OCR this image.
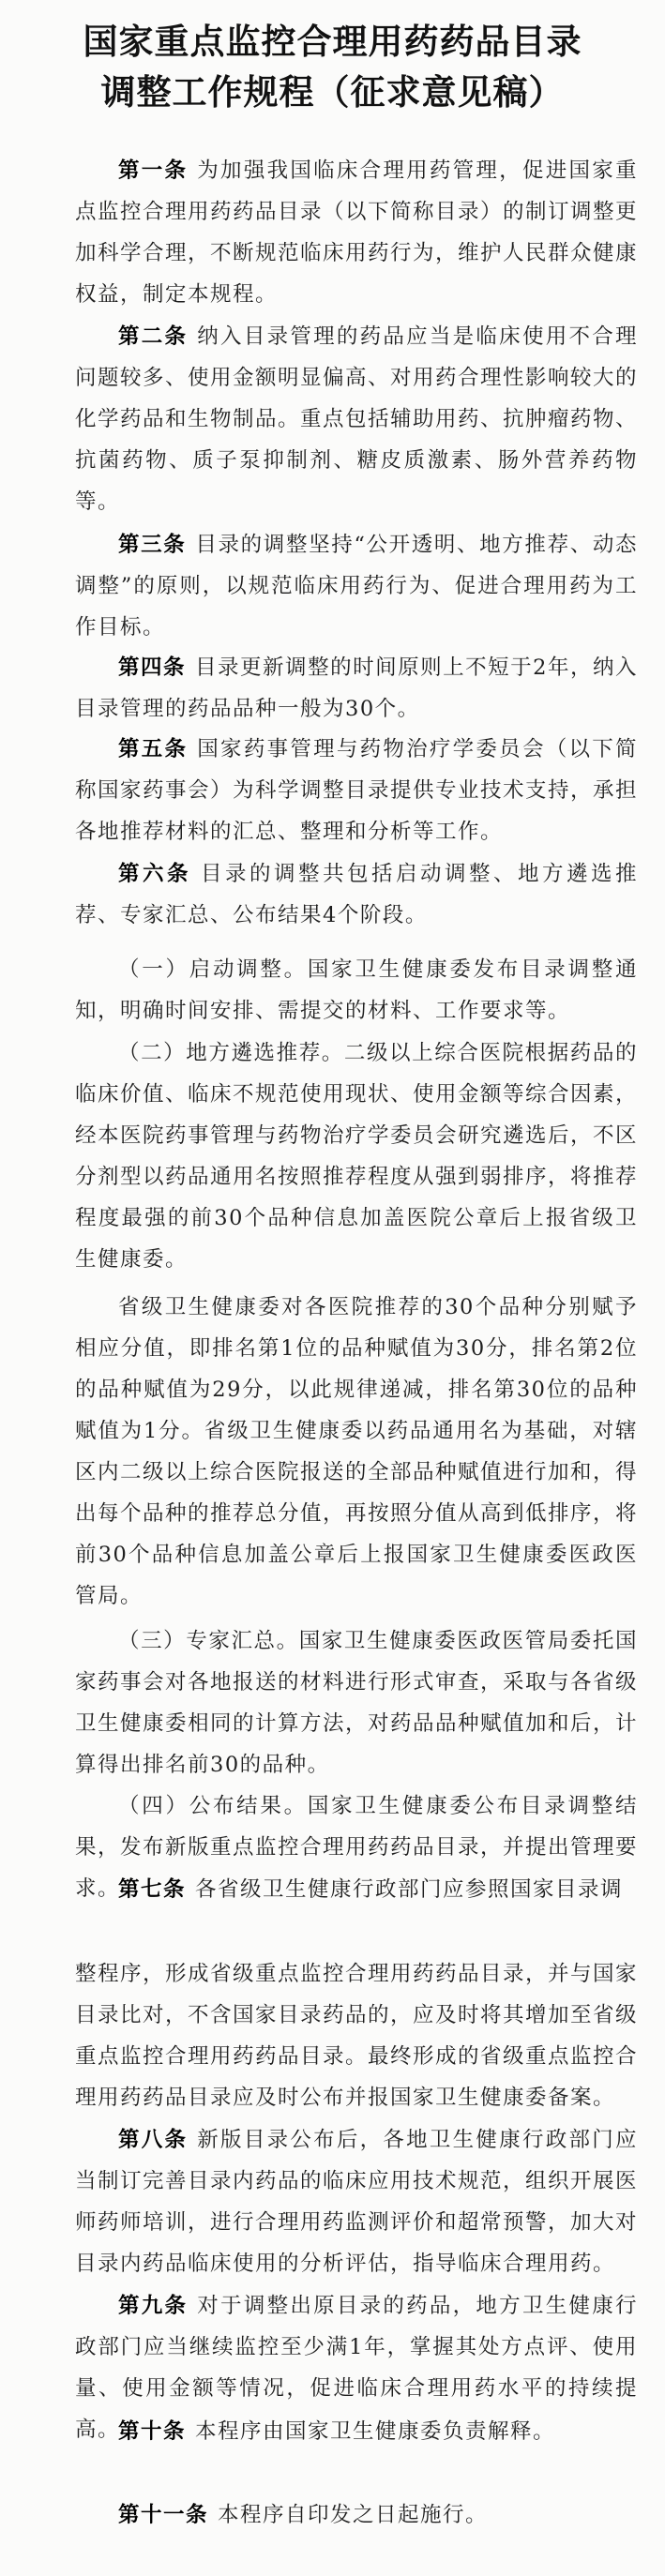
国家重点监控合理用药药品目录
调整工作规程（征求意见稿）

第一条 为加强我国临床合理用药管理，促进国家重点监控合理用药药品目录（以下简称目录）的制订调整更加科学合理，不断规范临床用药行为，维护人民群众健康权益，制定本规程。

第二条 纳入目录管理的药品应当是临床使用不合理问题较多、使用金额明显偏高、对用药合理性影响较大的化学药品和生物制品。重点包括辅助用药、抗肿瘤药物、抗菌药物、质子泵抑制剂、糖皮质激素、肠外营养药物等。

第三条 目录的调整坚持“公开透明、地方推荐、动态调整”的原则，以规范临床用药行为、促进合理用药为工作目标。

第四条 目录更新调整的时间原则上不短于2年，纳入目录管理的药品品种一般为30个。

第五条 国家药事管理与药物治疗学委员会（以下简称国家药事会）为科学调整目录提供专业技术支持，承担各地推荐材料的汇总、整理和分析等工作。

第六条 目录的调整共包括启动调整、地方遴选推荐、专家汇总、公布结果4个阶段。

（一）启动调整。国家卫生健康委发布目录调整通知，明确时间安排、需提交的材料、工作要求等。

（二）地方遴选推荐。二级以上综合医院根据药品的临床价值、临床不规范使用现状、使用金额等综合因素，经本医院药事管理与药物治疗学委员会研究遴选后，不区分剂型以药品通用名按照推荐程度从强到弱排序，将推荐程度最强的前30个品种信息加盖医院公章后上报省级卫生健康委。

省级卫生健康委对各医院推荐的30个品种分别赋予相应分值，即排名第1位的品种赋值为30分，排名第2位的品种赋值为29分，以此规律递减，排名第30位的品种赋值为1分。省级卫生健康委以药品通用名为基础，对辖区内二级以上综合医院报送的全部品种赋值进行加和，得出每个品种的推荐总分值，再按照分值从高到低排序，将前30个品种信息加盖公章后上报国家卫生健康委医政医管局。

（三）专家汇总。国家卫生健康委医政医管局委托国家药事会对各地报送的材料进行形式审查，采取与各省级卫生健康委相同的计算方法，对药品品种赋值加和后，计算得出排名前30的品种。

（四）公布结果。国家卫生健康委公布目录调整结果，发布新版重点监控合理用药药品目录，并提出管理要求。

第七条 各省级卫生健康行政部门应参照国家目录调

整程序，形成省级重点监控合理用药药品目录，并与国家目录比对，不含国家目录药品的，应及时将其增加至省级重点监控合理用药药品目录。最终形成的省级重点监控合理用药药品目录应及时公布并报国家卫生健康委备案。

第八条 新版目录公布后，各地卫生健康行政部门应当制订完善目录内药品的临床应用技术规范，组织开展医师药师培训，进行合理用药监测评价和超常预警，加大对目录内药品临床使用的分析评估，指导临床合理用药。

第九条 对于调整出原目录的药品，地方卫生健康行政部门应当继续监控至少满1年，掌握其处方点评、使用量、使用金额等情况，促进临床合理用药水平的持续提高。

第十条 本程序由国家卫生健康委负责解释。

第十一条 本程序自印发之日起施行。
